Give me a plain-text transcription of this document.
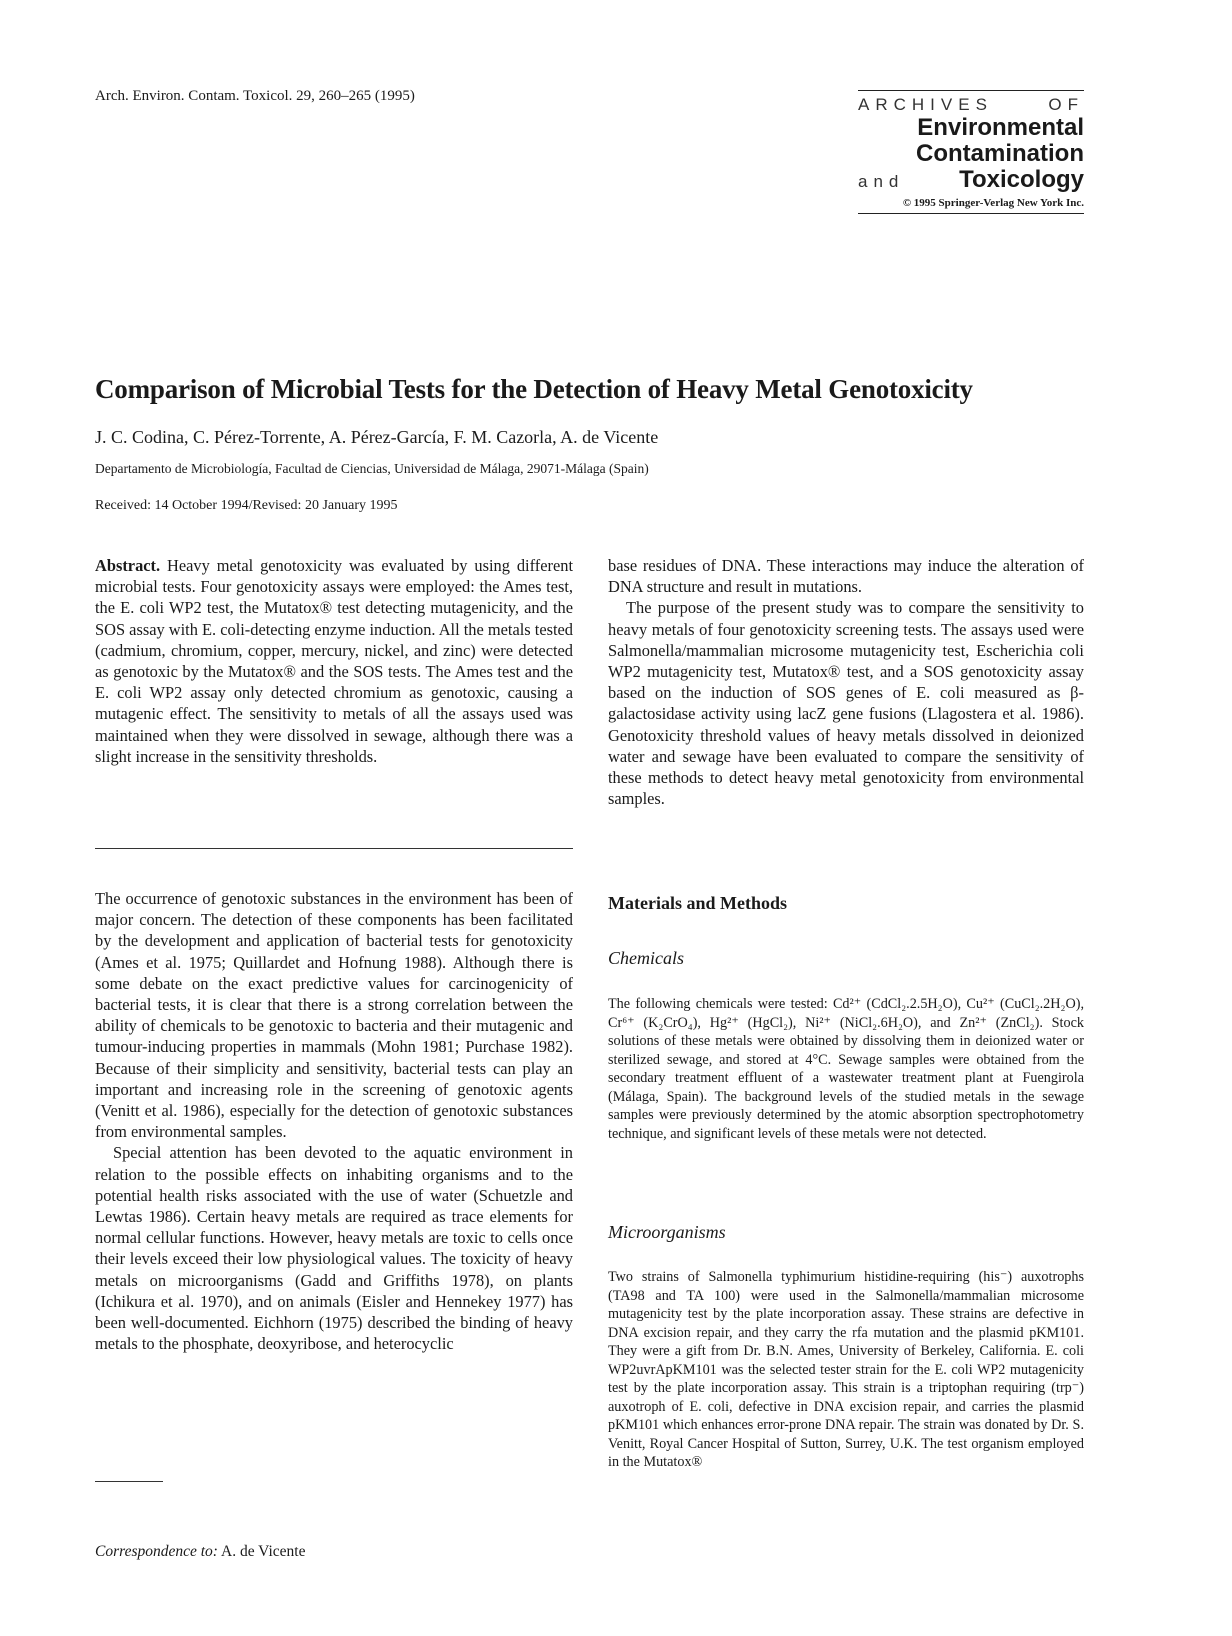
Arch. Environ. Contam. Toxicol. 29, 260–265 (1995)	ARCHIVES OF
Environmental
Contamination
and Toxicology
© 1995 Springer-Verlag New York Inc.
Comparison of Microbial Tests for the Detection of Heavy Metal Genotoxicity
J. C. Codina, C. Pérez-Torrente, A. Pérez-García, F. M. Cazorla, A. de Vicente
Departamento de Microbiología, Facultad de Ciencias, Universidad de Málaga, 29071-Málaga (Spain)
Received: 14 October 1994/Revised: 20 January 1995

Abstract. Heavy metal genotoxicity was evaluated by using different microbial tests. Four genotoxicity assays were employed: the Ames test, the E. coli WP2 test, the Mutatox® test detecting mutagenicity, and the SOS assay with E. coli-detecting enzyme induction. All the metals tested (cadmium, chromium, copper, mercury, nickel, and zinc) were detected as genotoxic by the Mutatox® and the SOS tests. The Ames test and the E. coli WP2 assay only detected chromium as genotoxic, causing a mutagenic effect. The sensitivity to metals of all the assays used was maintained when they were dissolved in sewage, although there was a slight increase in the sensitivity thresholds.

The occurrence of genotoxic substances in the environment has been of major concern. The detection of these components has been facilitated by the development and application of bacterial tests for genotoxicity (Ames et al. 1975; Quillardet and Hofnung 1988). Although there is some debate on the exact predictive values for carcinogenicity of bacterial tests, it is clear that there is a strong correlation between the ability of chemicals to be genotoxic to bacteria and their mutagenic and tumour-inducing properties in mammals (Mohn 1981; Purchase 1982). Because of their simplicity and sensitivity, bacterial tests can play an important and increasing role in the screening of genotoxic agents (Venitt et al. 1986), especially for the detection of genotoxic substances from environmental samples.

Special attention has been devoted to the aquatic environment in relation to the possible effects on inhabiting organisms and to the potential health risks associated with the use of water (Schuetzle and Lewtas 1986). Certain heavy metals are required as trace elements for normal cellular functions. However, heavy metals are toxic to cells once their levels exceed their low physiological values. The toxicity of heavy metals on microorganisms (Gadd and Griffiths 1978), on plants (Ichikura et al. 1970), and on animals (Eisler and Hennekey 1977) has been well-documented. Eichhorn (1975) described the binding of heavy metals to the phosphate, deoxyribose, and heterocyclic

base residues of DNA. These interactions may induce the alteration of DNA structure and result in mutations.

The purpose of the present study was to compare the sensitivity to heavy metals of four genotoxicity screening tests. The assays used were Salmonella/mammalian microsome mutagenicity test, Escherichia coli WP2 mutagenicity test, Mutatox® test, and a SOS genotoxicity assay based on the induction of SOS genes of E. coli measured as β-galactosidase activity using lacZ gene fusions (Llagostera et al. 1986). Genotoxicity threshold values of heavy metals dissolved in deionized water and sewage have been evaluated to compare the sensitivity of these methods to detect heavy metal genotoxicity from environmental samples.

Materials and Methods
Chemicals

The following chemicals were tested: Cd²⁺ (CdCl₂.2.5H₂O), Cu²⁺ (CuCl₂.2H₂O), Cr⁶⁺ (K₂CrO₄), Hg²⁺ (HgCl₂), Ni²⁺ (NiCl₂.6H₂O), and Zn²⁺ (ZnCl₂). Stock solutions of these metals were obtained by dissolving them in deionized water or sterilized sewage, and stored at 4°C. Sewage samples were obtained from the secondary treatment effluent of a wastewater treatment plant at Fuengirola (Málaga, Spain). The background levels of the studied metals in the sewage samples were previously determined by the atomic absorption spectrophotometry technique, and significant levels of these metals were not detected.

Microorganisms

Two strains of Salmonella typhimurium histidine-requiring (his⁻) auxotrophs (TA98 and TA 100) were used in the Salmonella/mammalian microsome mutagenicity test by the plate incorporation assay. These strains are defective in DNA excision repair, and they carry the rfa mutation and the plasmid pKM101. They were a gift from Dr. B.N. Ames, University of Berkeley, California. E. coli WP2uvrApKM101 was the selected tester strain for the E. coli WP2 mutagenicity test by the plate incorporation assay. This strain is a triptophan requiring (trp⁻) auxotroph of E. coli, defective in DNA excision repair, and carries the plasmid pKM101 which enhances error-prone DNA repair. The strain was donated by Dr. S. Venitt, Royal Cancer Hospital of Sutton, Surrey, U.K. The test organism employed in the Mutatox®

Correspondence to: A. de Vicente
